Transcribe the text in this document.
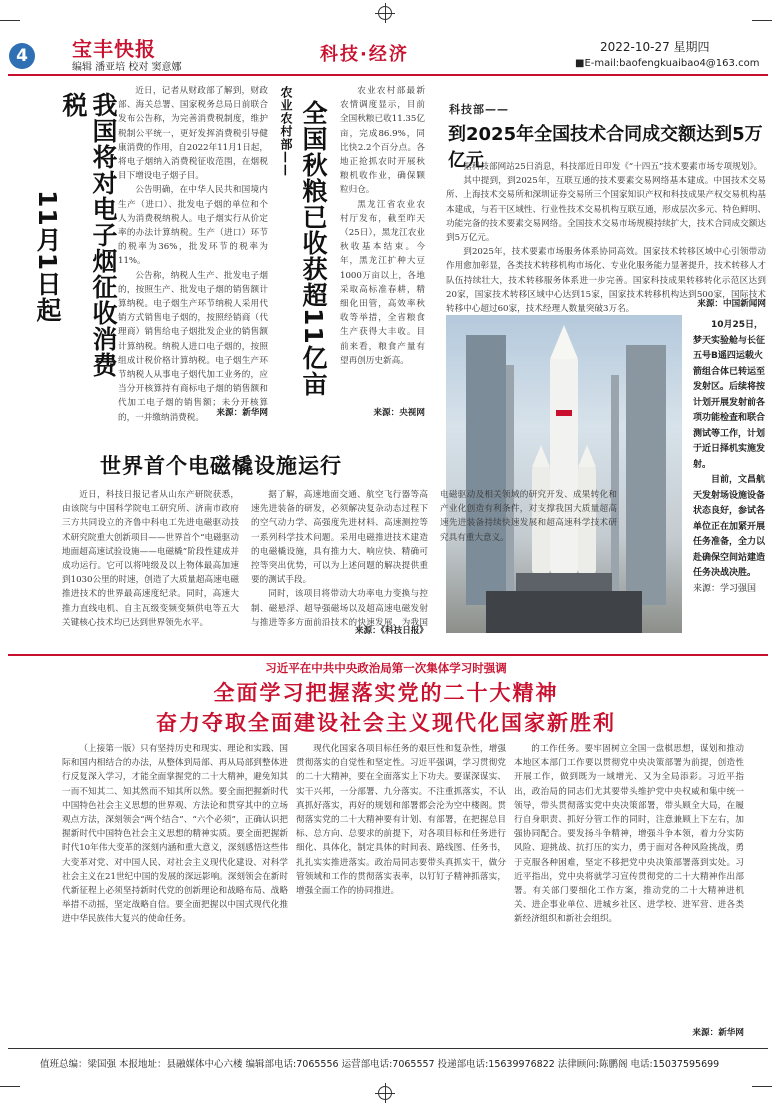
4	宝丰快报
编辑 潘亚培 校对 窦意娜
科技·经济	2022-10-27 星期四
■E-mail:baofengkuaibao4@163.com
我国将对电子烟征收消费税
11月1日起

近日，记者从财政部了解到，财政部、海关总署、国家税务总局日前联合发布公告称，为完善消费税制度，维护税制公平统一，更好发挥消费税引导健康消费的作用，自2022年11月1日起，将电子烟纳入消费税征收范围，在烟税目下增设电子烟子目。

公告明确，在中华人民共和国境内生产（进口）、批发电子烟的单位和个人为消费税纳税人。电子烟实行从价定率的办法计算纳税。生产（进口）环节的税率为36%，批发环节的税率为11%。

公告称，纳税人生产、批发电子烟的，按照生产、批发电子烟的销售额计算纳税。电子烟生产环节纳税人采用代销方式销售电子烟的，按照经销商（代理商）销售给电子烟批发企业的销售额计算纳税。纳税人进口电子烟的，按照组成计税价格计算纳税。电子烟生产环节纳税人从事电子烟代加工业务的，应当分开核算持有商标电子烟的销售额和代加工电子烟的销售额；未分开核算的，一并缴纳消费税。	来源：新华网
农业农村部—— 全国秋粮已收获超11亿亩

农业农村部最新农情调度显示，目前全国秋粮已收11.35亿亩，完成86.9%，同比快2.2个百分点。各地正抢抓农时开展秋粮机收作业，确保颗粒归仓。

黑龙江省农业农村厅发布，截至昨天（25日），黑龙江农业秋收基本结束。今年，黑龙江扩种大豆1000万亩以上，各地采取高标准春耕，精细化田管，高效率秋收等举措，全省粮食生产获得大丰收。目前来看，粮食产量有望再创历史新高。

来源：央视网
科技部——
到2025年全国技术合同成交额达到5万亿元

据科技部网站25日消息，科技部近日印发《“十四五”技术要素市场专项规划》。

其中提到，到2025年，互联互通的技术要素交易网络基本建成。中国技术交易所、上海技术交易所和深圳证券交易所三个国家知识产权和科技成果产权交易机构基本建成，与若干区域性、行业性技术交易机构互联互通，形成层次多元、特色鲜明、功能完备的技术要素交易网络。全国技术交易市场规模持续扩大，技术合同成交额达到5万亿元。

到2025年，技术要素市场服务体系协同高效。国家技术转移区域中心引领带动作用愈加彰显，各类技术转移机构市场化、专业化服务能力显著提升，技术转移人才队伍持续壮大，技术转移服务体系进一步完善。国家科技成果转移转化示范区达到20家，国家技术转移区域中心达到15家，国家技术转移机构达到500家，国际技术转移中心超过60家，技术经理人数量突破3万名。

来源：中国新闻网

10月25日，梦天实验舱与长征五号B遥四运载火箭组合体已转运至发射区。后续将按计划开展发射前各项功能检查和联合测试等工作，计划于近日择机实施发射。

目前，文昌航天发射场设施设备状态良好，参试各单位正在加紧开展任务准备，全力以赴确保空间站建造任务决战决胜。

来源：学习强国
世界首个电磁橇设施运行

近日，科技日报记者从山东产研院获悉，由该院与中国科学院电工研究所、济南市政府三方共同设立的齐鲁中科电工先进电磁驱动技术研究院重大创新项目——世界首个“电磁驱动地面超高速试验设施——电磁橇”阶段性建成并成功运行。它可以将吨级及以上物体最高加速到1030公里的时速，创造了大质量超高速电磁推进技术的世界最高速度纪录。同时，高速大推力直线电机、自主瓦级变频变频供电等五大关键核心技术均已达到世界领先水平。

据了解，高速地面交通、航空飞行器等高速先进装备的研发，必须解决复杂动态过程下的空气动力学、高强度先进材料、高速测控等一系列科学技术问题。采用电磁推进技术建造的电磁橇设施，具有推力大、响应快、精确可控等突出优势，可以为上述问题的解决提供重要的测试手段。

同时，该项目将带动大功率电力变换与控制、磁悬浮、超导强磁场以及超高速电磁发射与推进等多方面前沿技术的快速发展，为我国电磁驱动及相关领域的研究开发、成果转化和产业化创造有利条件，对支撑我国大质量超高速先进装备持续快速发展和超高速科学技术研究具有重大意义。

来源：《科技日报》
习近平在中共中央政治局第一次集体学习时强调
全面学习把握落实党的二十大精神
奋力夺取全面建设社会主义现代化国家新胜利

（上接第一版）只有坚持历史和现实、理论和实践、国际和国内相结合的办法，从整体到局部、再从局部到整体进行反复深入学习，才能全面掌握党的二十大精神，避免知其一而不知其二、知其然而不知其所以然。要全面把握新时代中国特色社会主义思想的世界观、方法论和贯穿其中的立场观点方法，深刻领会“两个结合”、“六个必须”，正确认识把握新时代中国特色社会主义思想的精神实质。要全面把握新时代10年伟大变革的深刻内涵和重大意义，深刻感悟这些伟大变革对党、对中国人民、对社会主义现代化建设、对科学社会主义在21世纪中国的发展的深远影响。深刻领会在新时代新征程上必须坚持新时代党的创新理论和战略布局、战略举措不动摇，坚定战略自信。要全面把握以中国式现代化推进中华民族伟大复兴的使命任务。

现代化国家各项目标任务的艰巨性和复杂性，增强贯彻落实的自觉性和坚定性。习近平强调，学习贯彻党的二十大精神，要在全面落实上下功夫。要谋深谋实、实干兴邦，一分部署、九分落实。不注重抓落实，不认真抓好落实，再好的规划和部署都会沦为空中楼阁。贯彻落实党的二十大精神要有计划、有部署，在把握总目标、总方向、总要求的前提下，对各项目标和任务进行细化、具体化，制定具体的时间表、路线图、任务书，扎扎实实推进落实。政治局同志要带头真抓实干，做分管领域和工作的贯彻落实表率，以钉钉子精神抓落实，增强全面工作的协同推进。

的工作任务。要牢固树立全国一盘棋思想，谋划和推动本地区本部门工作要以贯彻党中央决策部署为前提，创造性开展工作，做到既为一域增光、又为全局添彩。习近平指出，政治局的同志们尤其要带头维护党中央权威和集中统一领导，带头贯彻落实党中央决策部署，带头顾全大局，在履行自身职责、抓好分管工作的同时，注意兼顾上下左右，加强协同配合。要发扬斗争精神，增强斗争本领，着力分实防风险、迎挑战、抗打压的实力，勇于面对各种风险挑战，勇于克服各种困难，坚定不移把党中央决策部署落到实处。习近平指出，党中央将就学习宣传贯彻党的二十大精神作出部署。有关部门要细化工作方案，推动党的二十大精神进机关、进企事业单位、进城乡社区、进学校、进军营、进各类新经济组织和新社会组织。

来源：新华网
值班总编：梁国强 本报地址：县融媒体中心六楼 编辑部电话:7065556 运营部电话:7065557 投递部电话:15639976822 法律顾问:陈鹏阁 电话:15037595699
